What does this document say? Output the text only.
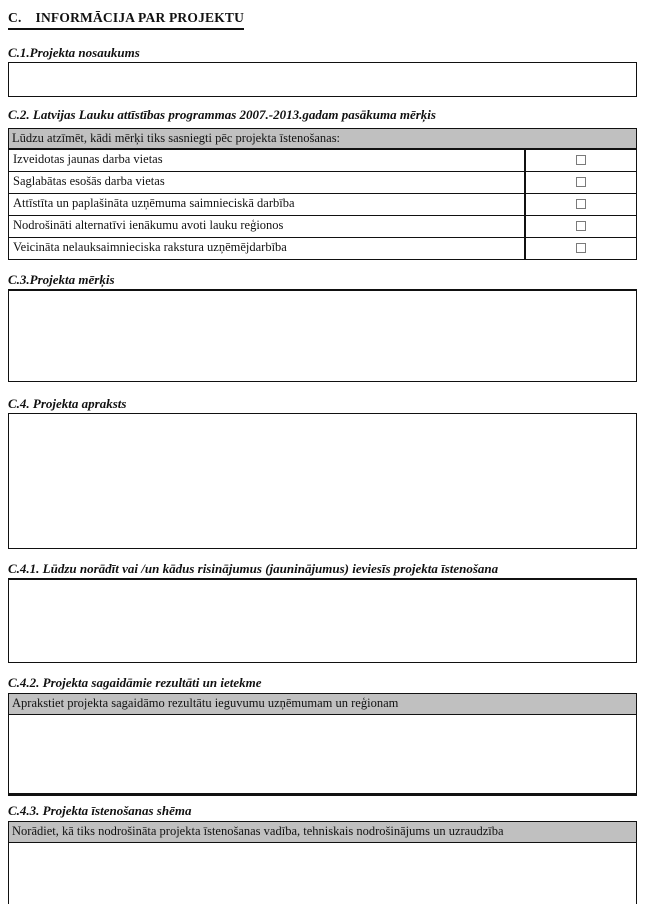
C. INFORMĀCIJA PAR PROJEKTU
C.1.Projekta nosaukums
C.2. Latvijas Lauku attīstības programmas 2007.-2013.gadam pasākuma mērķis
Lūdzu atzīmēt, kādi mērķi tiks sasniegti pēc projekta īstenošanas:	
Izveidotas jaunas darba vietas	
Saglabātas esošās darba vietas	
Attīstīta un paplašināta uzņēmuma saimnieciskā darbība	
Nodrošināti alternatīvi ienākumu avoti lauku reģionos	
Veicināta nelauksaimnieciska rakstura uzņēmējdarbība	
C.3.Projekta mērķis
C.4. Projekta apraksts
C.4.1. Lūdzu norādīt vai /un kādus risinājumus (jauninājumus) ieviesīs projekta īstenošana
C.4.2. Projekta sagaidāmie rezultāti un ietekme
Aprakstiet projekta sagaidāmo rezultātu ieguvumu uzņēmumam un reģionam
C.4.3. Projekta īstenošanas shēma
Norādiet, kā tiks nodrošināta projekta īstenošanas vadība, tehniskais nodrošinājums un uzraudzība
